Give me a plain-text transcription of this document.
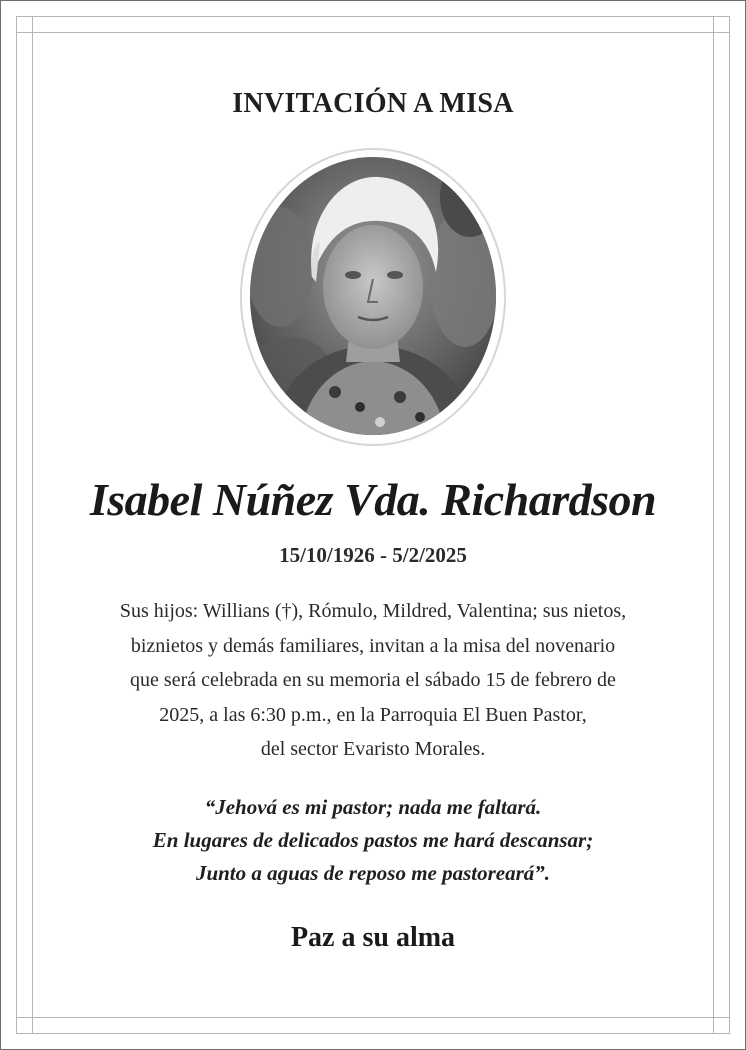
INVITACIÓN A MISA
Isabel Núñez Vda. Richardson
15/10/1926 - 5/2/2025
Sus hijos: Willians (†), Rómulo, Mildred, Valentina; sus nietos,
biznietos y demás familiares, invitan a la misa del novenario
que será celebrada en su memoria el sábado 15 de febrero de
2025, a las 6:30 p.m., en la Parroquia El Buen Pastor,
del sector Evaristo Morales.
“Jehová es mi pastor; nada me faltará.
En lugares de delicados pastos me hará descansar;
Junto a aguas de reposo me pastoreará”.
Paz a su alma
